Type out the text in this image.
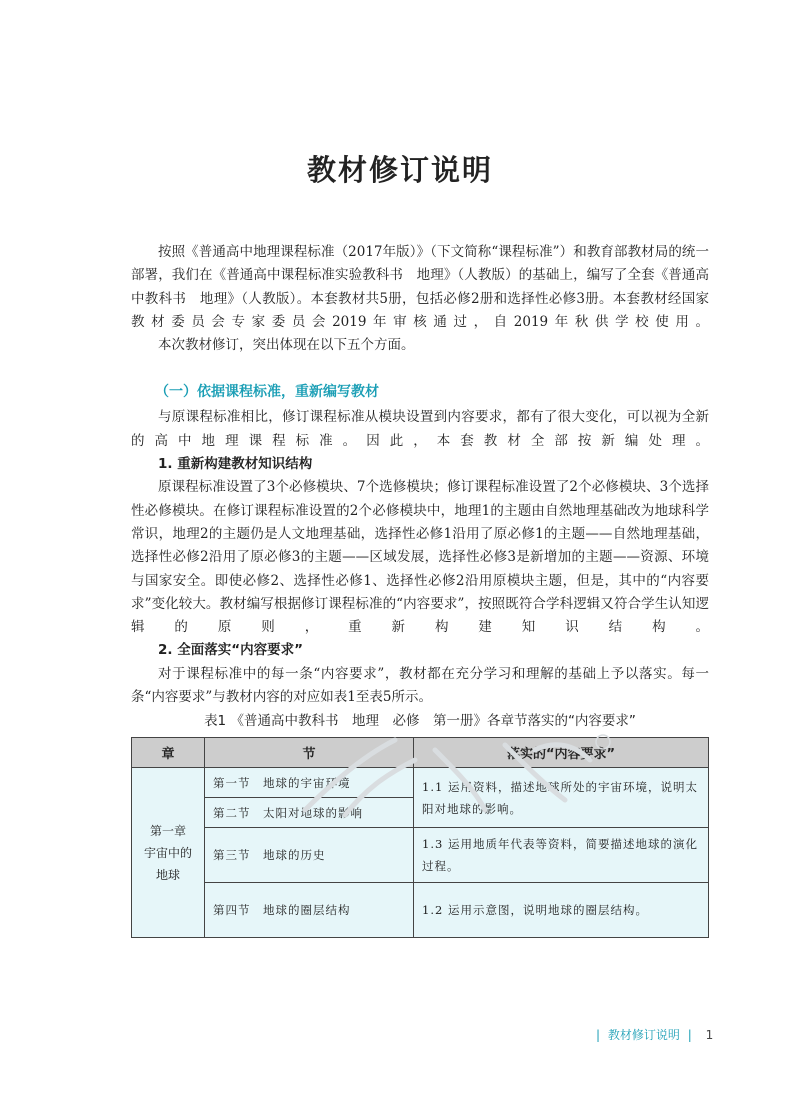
教材修订说明

按照《普通高中地理课程标准（2017年版）》（下文简称“课程标准”）和教育部教材局的统一部署，我们在《普通高中课程标准实验教科书　地理》（人教版）的基础上，编写了全套《普通高中教科书　地理》（人教版）。本套教材共5册，包括必修2册和选择性必修3册。本套教材经国家教材委员会专家委员会2019年审核通过，自2019年秋供学校使用。

本次教材修订，突出体现在以下五个方面。

（一）依据课程标准，重新编写教材

与原课程标准相比，修订课程标准从模块设置到内容要求，都有了很大变化，可以视为全新的高中地理课程标准。因此，本套教材全部按新编处理。

1. 重新构建教材知识结构

原课程标准设置了3个必修模块、7个选修模块；修订课程标准设置了2个必修模块、3个选择性必修模块。在修订课程标准设置的2个必修模块中，地理1的主题由自然地理基础改为地球科学常识，地理2的主题仍是人文地理基础，选择性必修1沿用了原必修1的主题——自然地理基础，选择性必修2沿用了原必修3的主题——区域发展，选择性必修3是新增加的主题——资源、环境与国家安全。即使必修2、选择性必修1、选择性必修2沿用原模块主题，但是，其中的“内容要求”变化较大。教材编写根据修订课程标准的“内容要求”，按照既符合学科逻辑又符合学生认知逻辑的原则，重新构建知识结构。

2. 全面落实“内容要求”

对于课程标准中的每一条“内容要求”，教材都在充分学习和理解的基础上予以落实。每一条“内容要求”与教材内容的对应如表1至表5所示。

表1 《普通高中教科书　地理　必修　第一册》各章节落实的“内容要求”
章	节	落实的“内容要求”
第一章
宇宙中的
地球	第一节　地球的宇宙环境	1.1 运用资料，描述地球所处的宇宙环境，说明太阳对地球的影响。
	第二节　太阳对地球的影响	
	第三节　地球的历史	1.3 运用地质年代表等资料，简要描述地球的演化过程。
	第四节　地球的圈层结构	1.2 运用示意图，说明地球的圈层结构。
| 教材修订说明 | 1
